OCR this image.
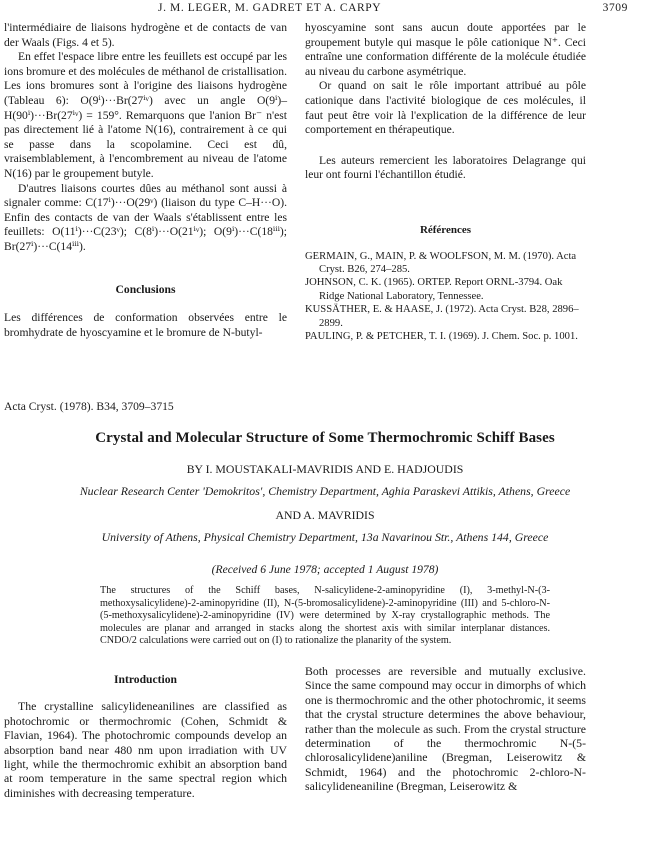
J. M. LEGER, M. GADRET ET A. CARPY	3709

l'intermédiaire de liaisons hydrogène et de contacts de van der Waals (Figs. 4 et 5).

En effet l'espace libre entre les feuillets est occupé par les ions bromure et des molécules de méthanol de cristallisation. Les ions bromures sont à l'origine des liaisons hydrogène (Tableau 6): O(9ⁱ)···Br(27ⁱᵛ) avec un angle O(9ⁱ)–H(90ⁱ)···Br(27ⁱᵛ) = 159°. Remarquons que l'anion Br⁻ n'est pas directement lié à l'atome N(16), contrairement à ce qui se passe dans la scopolamine. Ceci est dû, vraisemblablement, à l'encombrement au niveau de l'atome N(16) par le groupement butyle.

D'autres liaisons courtes dûes au méthanol sont aussi à signaler comme: C(17ⁱ)···O(29ᵛ) (liaison du type C–H···O). Enfin des contacts de van der Waals s'établissent entre les feuillets: O(11ⁱ)···C(23ᵛ); C(8ⁱ)···O(21ⁱᵛ); O(9ⁱ)···C(18ⁱⁱⁱ); Br(27ⁱ)···C(14ⁱⁱⁱ).

Conclusions

Les différences de conformation observées entre le bromhydrate de hyoscyamine et le bromure de N-butyl-

hyoscyamine sont sans aucun doute apportées par le groupement butyle qui masque le pôle cationique N⁺. Ceci entraîne une conformation différente de la molécule étudiée au niveau du carbone asymétrique.

Or quand on sait le rôle important attribué au pôle cationique dans l'activité biologique de ces molécules, il faut peut être voir là l'explication de la différence de leur comportement en thérapeutique.

Les auteurs remercient les laboratoires Delagrange qui leur ont fourni l'échantillon étudié.

Références
GERMAIN, G., MAIN, P. & WOOLFSON, M. M. (1970). Acta Cryst. B26, 274–285.
JOHNSON, C. K. (1965). ORTEP. Report ORNL-3794. Oak Ridge National Laboratory, Tennessee.
KUSSÄTHER, E. & HAASE, J. (1972). Acta Cryst. B28, 2896–2899.
PAULING, P. & PETCHER, T. I. (1969). J. Chem. Soc. p. 1001.
Acta Cryst. (1978). B34, 3709–3715
Crystal and Molecular Structure of Some Thermochromic Schiff Bases
BY I. MOUSTAKALI-MAVRIDIS AND E. HADJOUDIS
Nuclear Research Center 'Demokritos', Chemistry Department, Aghia Paraskevi Attikis, Athens, Greece
AND A. MAVRIDIS
University of Athens, Physical Chemistry Department, 13a Navarinou Str., Athens 144, Greece
(Received 6 June 1978; accepted 1 August 1978)
The structures of the Schiff bases, N-salicylidene-2-aminopyridine (I), 3-methyl-N-(3-methoxysalicylidene)-2-aminopyridine (II), N-(5-bromosalicylidene)-2-aminopyridine (III) and 5-chloro-N-(5-methoxysalicylidene)-2-aminopyridine (IV) were determined by X-ray crystallographic methods. The molecules are planar and arranged in stacks along the shortest axis with similar interplanar distances. CNDO/2 calculations were carried out on (I) to rationalize the planarity of the system.
Introduction

The crystalline salicylideneanilines are classified as photochromic or thermochromic (Cohen, Schmidt & Flavian, 1964). The photochromic compounds develop an absorption band near 480 nm upon irradiation with UV light, while the thermochromic exhibit an absorption band at room temperature in the same spectral region which diminishes with decreasing temperature.

Both processes are reversible and mutually exclusive. Since the same compound may occur in dimorphs of which one is thermochromic and the other photochromic, it seems that the crystal structure determines the above behaviour, rather than the molecule as such. From the crystal structure determination of the thermochromic N-(5-chlorosalicylidene)aniline (Bregman, Leiserowitz & Schmidt, 1964) and the photochromic 2-chloro-N-salicylideneaniline (Bregman, Leiserowitz &
